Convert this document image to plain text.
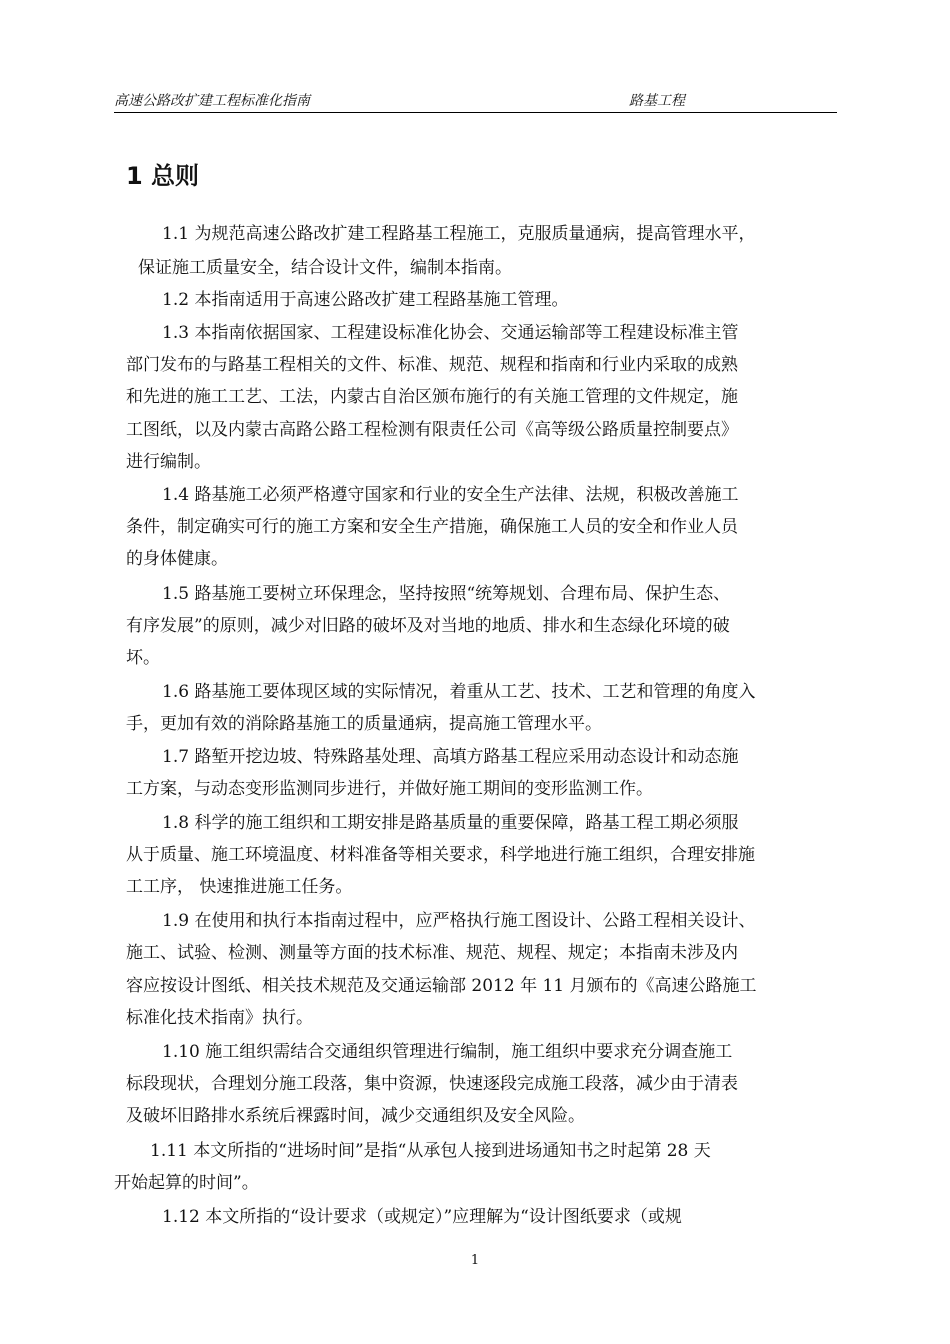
高速公路改扩建工程标准化指南	路基工程
1 总则
1.1 为规范高速公路改扩建工程路基工程施工，克服质量通病，提高管理水平，
保证施工质量安全，结合设计文件，编制本指南。
1.2 本指南适用于高速公路改扩建工程路基施工管理。
1.3 本指南依据国家、工程建设标准化协会、交通运输部等工程建设标准主管
部门发布的与路基工程相关的文件、标准、规范、规程和指南和行业内采取的成熟
和先进的施工工艺、工法，内蒙古自治区颁布施行的有关施工管理的文件规定，施
工图纸，以及内蒙古高路公路工程检测有限责任公司《高等级公路质量控制要点》
进行编制。
1.4 路基施工必须严格遵守国家和行业的安全生产法律、法规，积极改善施工
条件，制定确实可行的施工方案和安全生产措施，确保施工人员的安全和作业人员
的身体健康。
1.5 路基施工要树立环保理念，坚持按照“统筹规划、合理布局、保护生态、
有序发展”的原则，减少对旧路的破坏及对当地的地质、排水和生态绿化环境的破
坏。
1.6 路基施工要体现区域的实际情况，着重从工艺、技术、工艺和管理的角度入
手，更加有效的消除路基施工的质量通病，提高施工管理水平。
1.7 路堑开挖边坡、特殊路基处理、高填方路基工程应采用动态设计和动态施
工方案，与动态变形监测同步进行，并做好施工期间的变形监测工作。
1.8 科学的施工组织和工期安排是路基质量的重要保障，路基工程工期必须服
从于质量、施工环境温度、材料准备等相关要求，科学地进行施工组织，合理安排施
工工序， 快速推进施工任务。
1.9 在使用和执行本指南过程中，应严格执行施工图设计、公路工程相关设计、
施工、试验、检测、测量等方面的技术标准、规范、规程、规定；本指南未涉及内
容应按设计图纸、相关技术规范及交通运输部 2012 年 11 月颁布的《高速公路施工
标准化技术指南》执行。
1.10 施工组织需结合交通组织管理进行编制，施工组织中要求充分调查施工
标段现状，合理划分施工段落，集中资源，快速逐段完成施工段落，减少由于清表
及破坏旧路排水系统后裸露时间，减少交通组织及安全风险。
1.11 本文所指的“进场时间”是指“从承包人接到进场通知书之时起第 28 天
开始起算的时间”。
1.12 本文所指的“设计要求（或规定）”应理解为“设计图纸要求（或规
1
